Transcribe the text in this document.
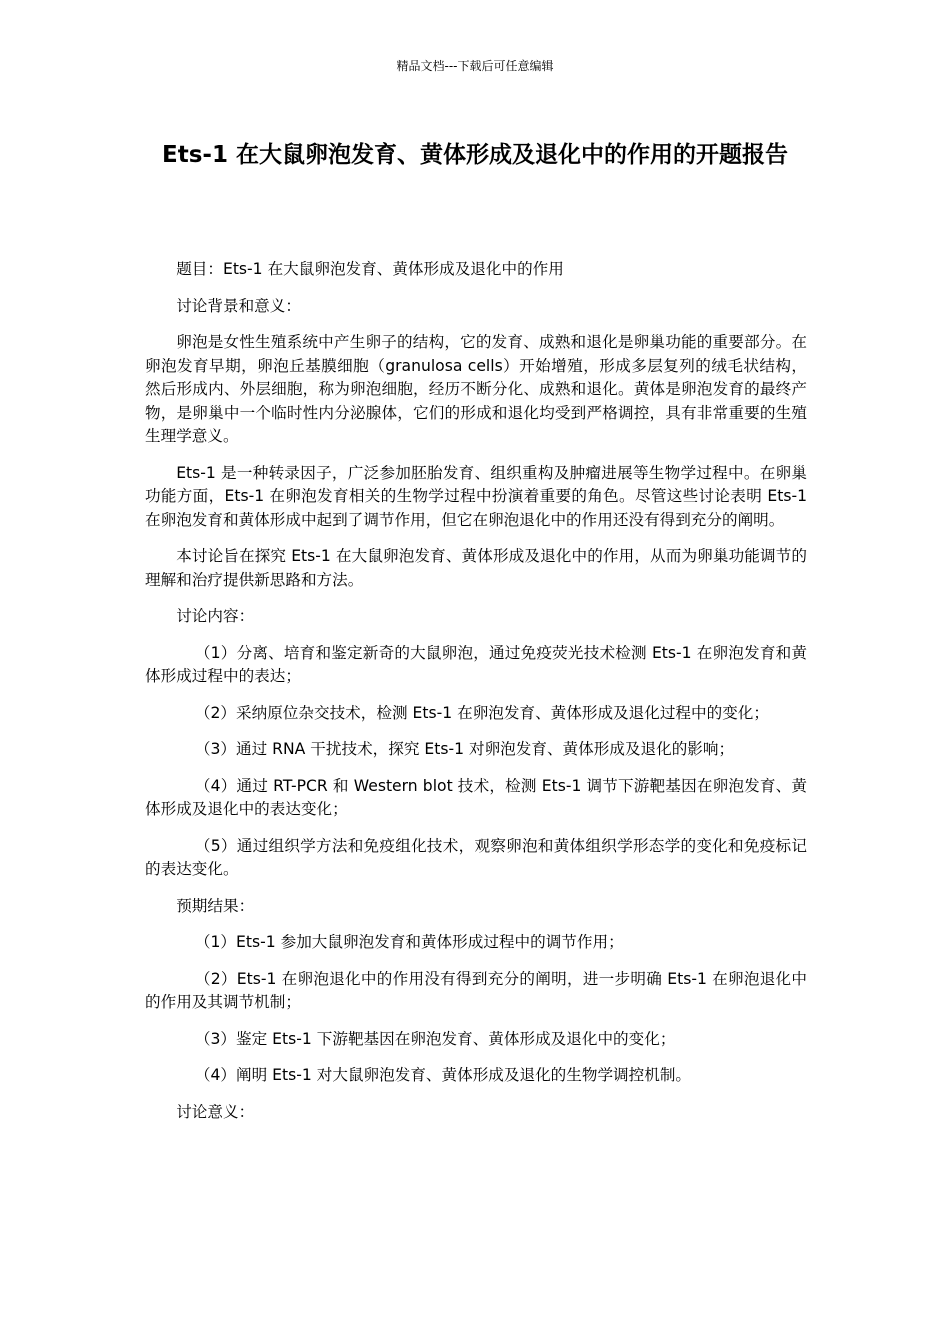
精品文档---下载后可任意编辑
Ets-1 在大鼠卵泡发育、黄体形成及退化中的作用的开题报告

题目：Ets-1 在大鼠卵泡发育、黄体形成及退化中的作用

讨论背景和意义：

卵泡是女性生殖系统中产生卵子的结构，它的发育、成熟和退化是卵巢功能的重要部分。在卵泡发育早期，卵泡丘基膜细胞（granulosa cells）开始增殖，形成多层复列的绒毛状结构，然后形成内、外层细胞，称为卵泡细胞，经历不断分化、成熟和退化。黄体是卵泡发育的最终产物，是卵巢中一个临时性内分泌腺体，它们的形成和退化均受到严格调控，具有非常重要的生殖生理学意义。

Ets-1 是一种转录因子，广泛参加胚胎发育、组织重构及肿瘤进展等生物学过程中。在卵巢功能方面，Ets-1 在卵泡发育相关的生物学过程中扮演着重要的角色。尽管这些讨论表明 Ets-1 在卵泡发育和黄体形成中起到了调节作用，但它在卵泡退化中的作用还没有得到充分的阐明。

本讨论旨在探究 Ets-1 在大鼠卵泡发育、黄体形成及退化中的作用，从而为卵巢功能调节的理解和治疗提供新思路和方法。

讨论内容：

（1）分离、培育和鉴定新奇的大鼠卵泡，通过免疫荧光技术检测 Ets-1 在卵泡发育和黄体形成过程中的表达；

（2）采纳原位杂交技术，检测 Ets-1 在卵泡发育、黄体形成及退化过程中的变化；

（3）通过 RNA 干扰技术，探究 Ets-1 对卵泡发育、黄体形成及退化的影响；

（4）通过 RT-PCR 和 Western blot 技术，检测 Ets-1 调节下游靶基因在卵泡发育、黄体形成及退化中的表达变化；

（5）通过组织学方法和免疫组化技术，观察卵泡和黄体组织学形态学的变化和免疫标记的表达变化。

预期结果：

（1）Ets-1 参加大鼠卵泡发育和黄体形成过程中的调节作用；

（2）Ets-1 在卵泡退化中的作用没有得到充分的阐明，进一步明确 Ets-1 在卵泡退化中的作用及其调节机制；

（3）鉴定 Ets-1 下游靶基因在卵泡发育、黄体形成及退化中的变化；

（4）阐明 Ets-1 对大鼠卵泡发育、黄体形成及退化的生物学调控机制。

讨论意义：
